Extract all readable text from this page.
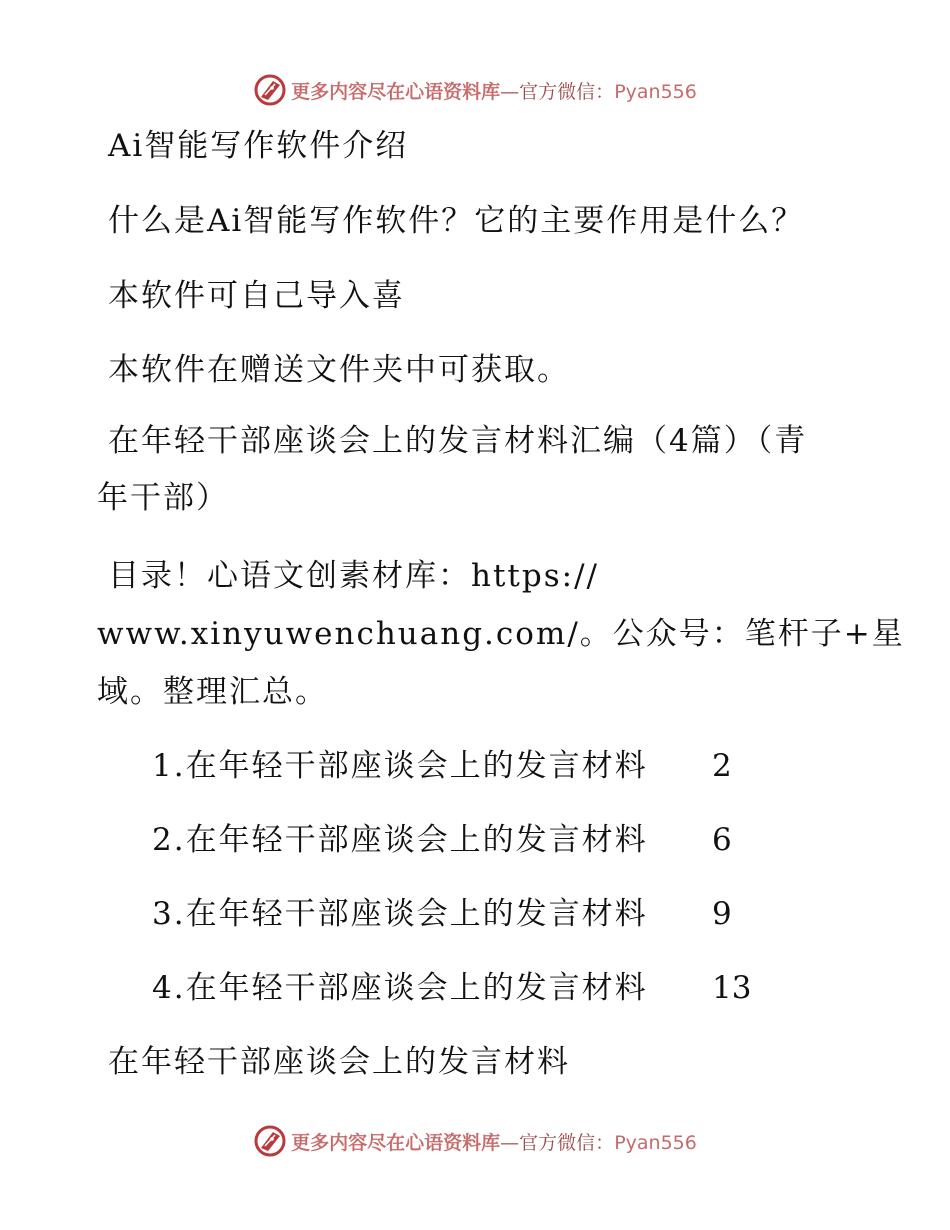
更多内容尽在心语资料库—官方微信：Pyan556
Ai智能写作软件介绍
什么是Ai智能写作软件？它的主要作用是什么？
本软件可自己导入喜
本软件在赠送文件夹中可获取。
在年轻干部座谈会上的发言材料汇编（4篇）（青
年干部）
目录！心语文创素材库：https://
www.xinyuwenchuang.com/。公众号：笔杆子+星
域。整理汇总。
1.在年轻干部座谈会上的发言材料 2
2.在年轻干部座谈会上的发言材料 6
3.在年轻干部座谈会上的发言材料 9
4.在年轻干部座谈会上的发言材料 13
在年轻干部座谈会上的发言材料
更多内容尽在心语资料库—官方微信：Pyan556
